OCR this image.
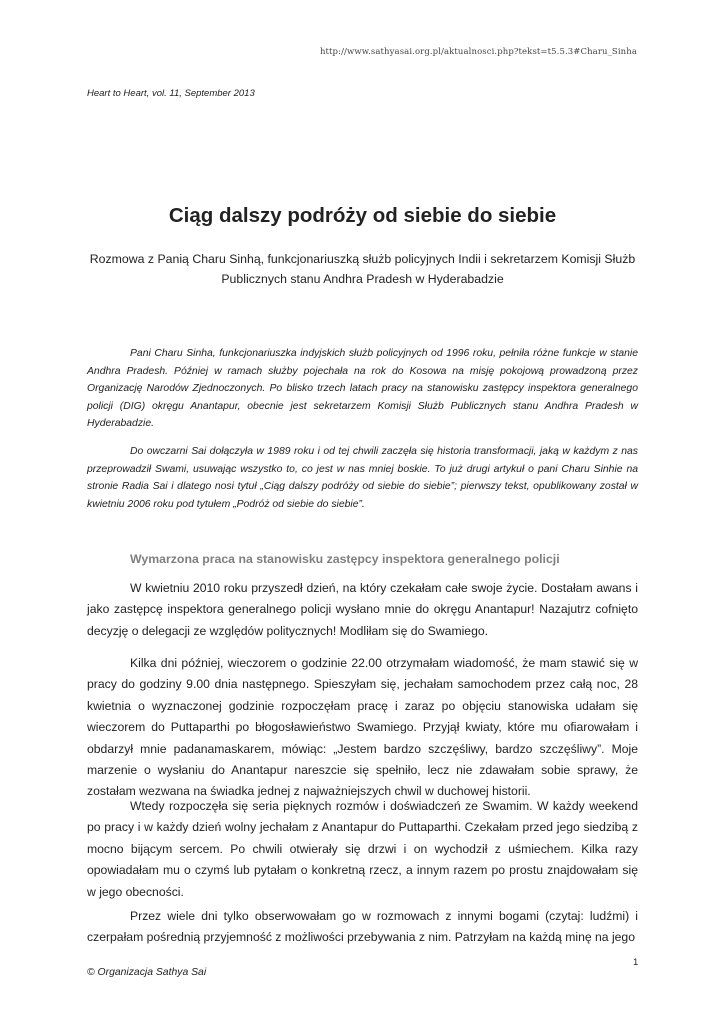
http://www.sathyasai.org.pl/aktualnosci.php?tekst=t5.5.3#Charu_Sinha
Heart to Heart, vol. 11, September 2013
Ciąg dalszy podróży od siebie do siebie

Rozmowa z Panią Charu Sinhą, funkcjonariuszką służb policyjnych Indii i sekretarzem Komisji Służb Publicznych stanu Andhra Pradesh w Hyderabadzie

Pani Charu Sinha, funkcjonariuszka indyjskich służb policyjnych od 1996 roku, pełniła różne funkcje w stanie Andhra Pradesh. Później w ramach służby pojechała na rok do Kosowa na misję pokojową prowadzoną przez Organizację Narodów Zjednoczonych. Po blisko trzech latach pracy na stanowisku zastępcy inspektora generalnego policji (DIG) okręgu Anantapur, obecnie jest sekretarzem Komisji Służb Publicznych stanu Andhra Pradesh w Hyderabadzie.

Do owczarni Sai dołączyła w 1989 roku i od tej chwili zaczęła się historia transformacji, jaką w każdym z nas przeprowadził Swami, usuwając wszystko to, co jest w nas mniej boskie. To już drugi artykuł o pani Charu Sinhie na stronie Radia Sai i dlatego nosi tytuł „Ciąg dalszy podróży od siebie do siebie”; pierwszy tekst, opublikowany został w kwietniu 2006 roku pod tytułem „Podróż od siebie do siebie”.

Wymarzona praca na stanowisku zastępcy inspektora generalnego policji

W kwietniu 2010 roku przyszedł dzień, na który czekałam całe swoje życie. Dostałam awans i jako zastępcę inspektora generalnego policji wysłano mnie do okręgu Anantapur! Nazajutrz cofnięto decyzję o delegacji ze względów politycznych! Modliłam się do Swamiego.

Kilka dni później, wieczorem o godzinie 22.00 otrzymałam wiadomość, że mam stawić się w pracy do godziny 9.00 dnia następnego. Spieszyłam się, jechałam samochodem przez całą noc, 28 kwietnia o wyznaczonej godzinie rozpoczęłam pracę i zaraz po objęciu stanowiska udałam się wieczorem do Puttaparthi po błogosławieństwo Swamiego. Przyjął kwiaty, które mu ofiarowałam i obdarzył mnie padanamaskarem, mówiąc: „Jestem bardzo szczęśliwy, bardzo szczęśliwy”. Moje marzenie o wysłaniu do Anantapur nareszcie się spełniło, lecz nie zdawałam sobie sprawy, że zostałam wezwana na świadka jednej z najważniejszych chwil w duchowej historii.

Wtedy rozpoczęła się seria pięknych rozmów i doświadczeń ze Swamim. W każdy weekend po pracy i w każdy dzień wolny jechałam z Anantapur do Puttaparthi. Czekałam przed jego siedzibą z mocno bijącym sercem. Po chwili otwierały się drzwi i on wychodził z uśmiechem. Kilka razy opowiadałam mu o czymś lub pytałam o konkretną rzecz, a innym razem po prostu znajdowałam się w jego obecności.

Przez wiele dni tylko obserwowałam go w rozmowach z innymi bogami (czytaj: ludźmi) i czerpałam pośrednią przyjemność z możliwości przebywania z nim. Patrzyłam na każdą minę na jego

1
© Organizacja Sathya Sai
